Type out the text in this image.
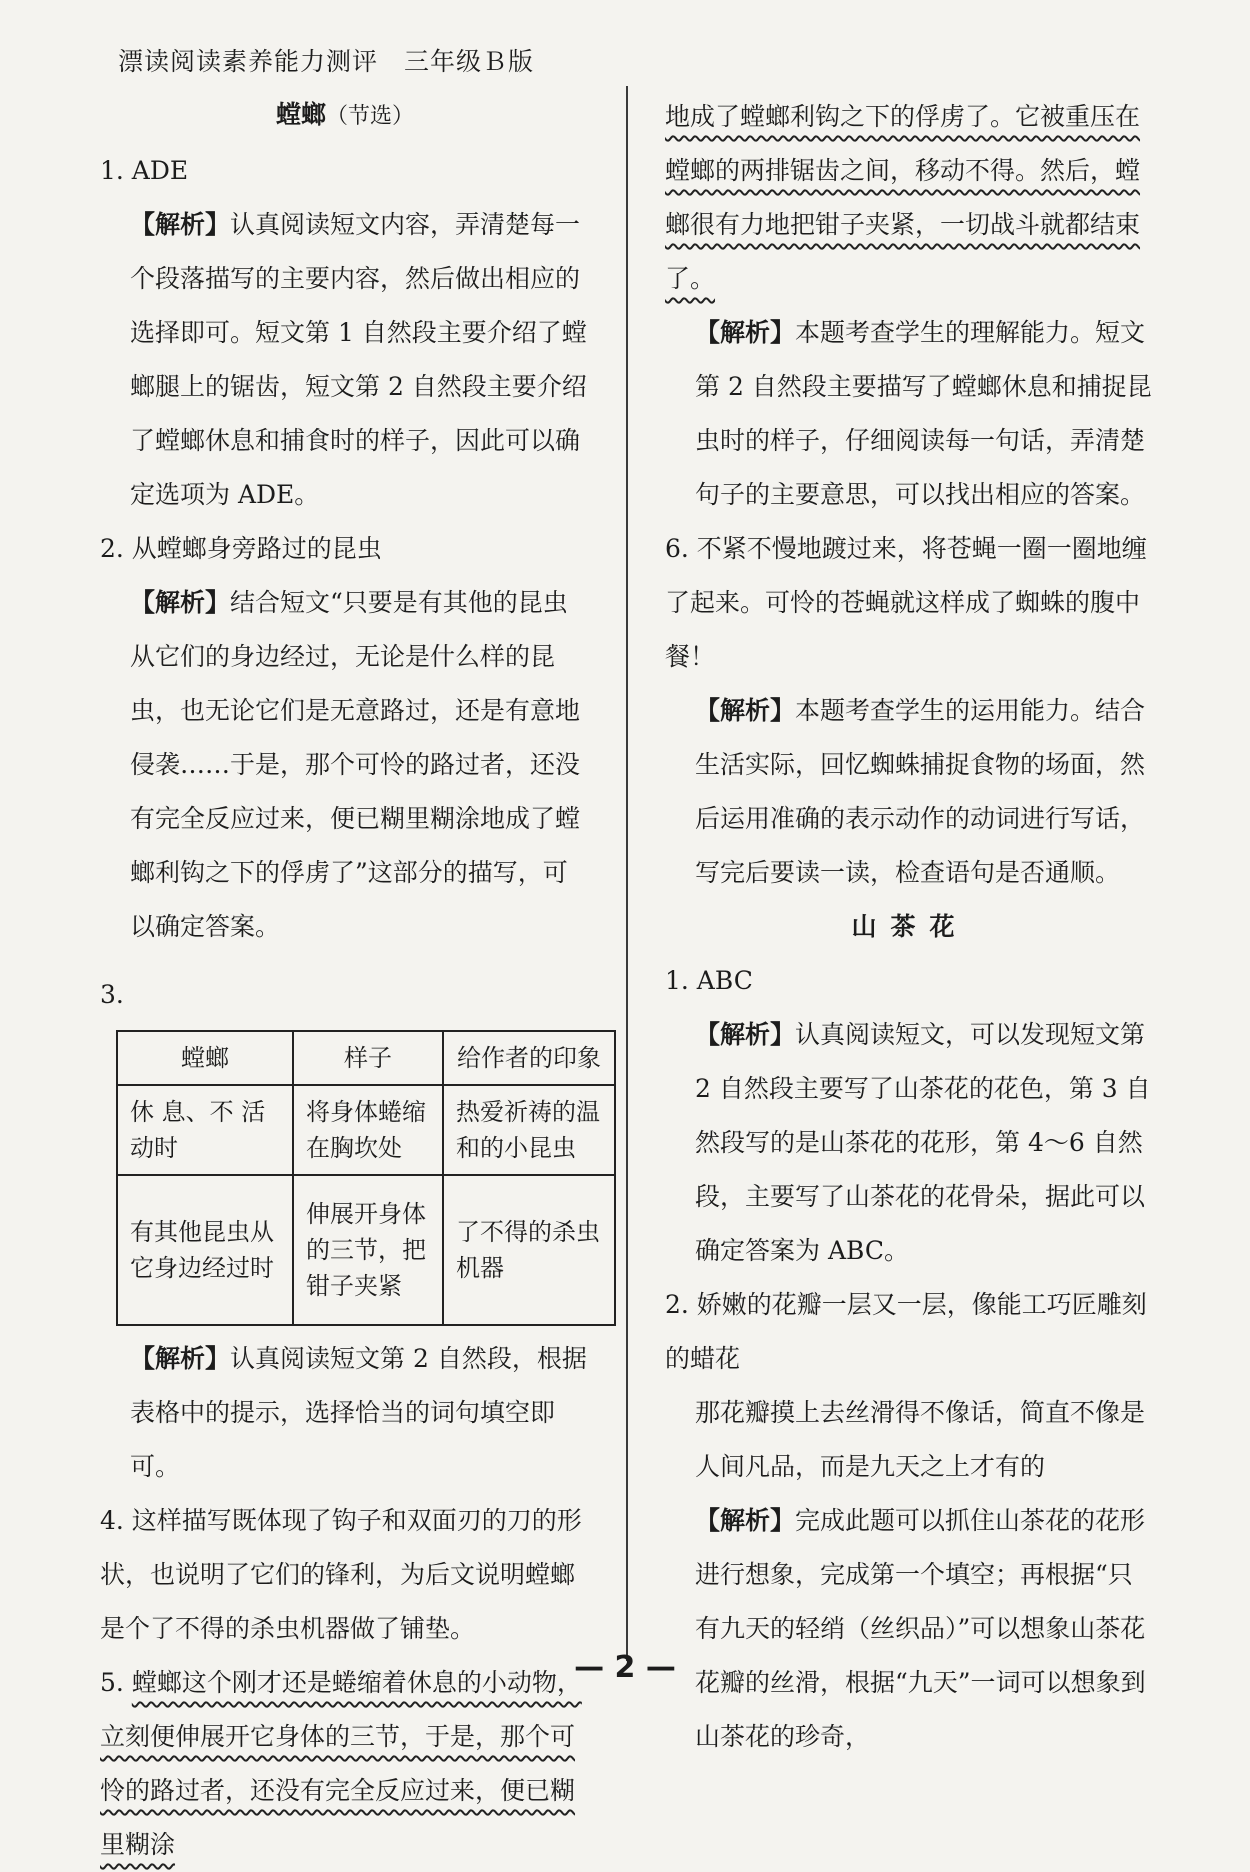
漂读阅读素养能力测评　三年级Ｂ版
螳螂（节选）

1. ADE

【解析】认真阅读短文内容，弄清楚每一个段落描写的主要内容，然后做出相应的选择即可。短文第 1 自然段主要介绍了螳螂腿上的锯齿，短文第 2 自然段主要介绍了螳螂休息和捕食时的样子，因此可以确定选项为 ADE。

2. 从螳螂身旁路过的昆虫

【解析】结合短文“只要是有其他的昆虫从它们的身边经过，无论是什么样的昆虫，也无论它们是无意路过，还是有意地侵袭……于是，那个可怜的路过者，还没有完全反应过来，便已糊里糊涂地成了螳螂利钩之下的俘虏了”这部分的描写，可以确定答案。

3.

螳螂	样子	给作者的印象
休 息、不 活动时	将身体蜷缩在胸坎处	热爱祈祷的温和的小昆虫
有其他昆虫从它身边经过时	伸展开身体的三节，把钳子夹紧	了不得的杀虫机器

【解析】认真阅读短文第 2 自然段，根据表格中的提示，选择恰当的词句填空即可。

4. 这样描写既体现了钩子和双面刃的刀的形状，也说明了它们的锋利，为后文说明螳螂是个了不得的杀虫机器做了铺垫。

5. 螳螂这个刚才还是蜷缩着休息的小动物，立刻便伸展开它身体的三节，于是，那个可怜的路过者，还没有完全反应过来，便已糊里糊涂

地成了螳螂利钩之下的俘虏了。它被重压在螳螂的两排锯齿之间，移动不得。然后，螳螂很有力地把钳子夹紧，一切战斗就都结束了。

【解析】本题考查学生的理解能力。短文第 2 自然段主要描写了螳螂休息和捕捉昆虫时的样子，仔细阅读每一句话，弄清楚句子的主要意思，可以找出相应的答案。

6. 不紧不慢地踱过来，将苍蝇一圈一圈地缠了起来。可怜的苍蝇就这样成了蜘蛛的腹中餐！

【解析】本题考查学生的运用能力。结合生活实际，回忆蜘蛛捕捉食物的场面，然后运用准确的表示动作的动词进行写话，写完后要读一读，检查语句是否通顺。

山茶花

1. ABC

【解析】认真阅读短文，可以发现短文第 2 自然段主要写了山茶花的花色，第 3 自然段写的是山茶花的花形，第 4～6 自然段，主要写了山茶花的花骨朵，据此可以确定答案为 ABC。

2. 娇嫩的花瓣一层又一层，像能工巧匠雕刻的蜡花

那花瓣摸上去丝滑得不像话，简直不像是人间凡品，而是九天之上才有的

【解析】完成此题可以抓住山茶花的花形进行想象，完成第一个填空；再根据“只有九天的轻绡（丝织品）”可以想象山茶花花瓣的丝滑，根据“九天”一词可以想象到山茶花的珍奇，

— 2 —
